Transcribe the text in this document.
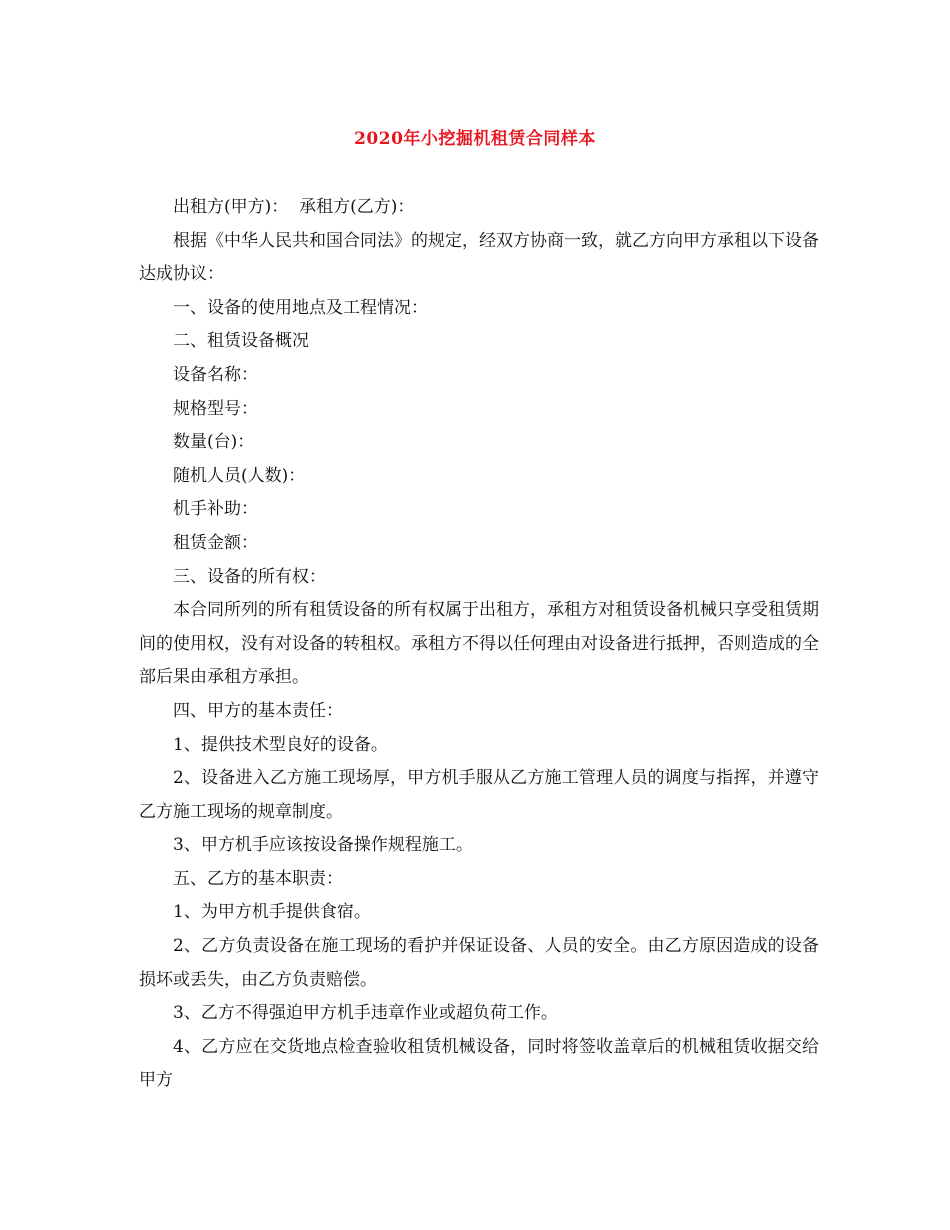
2020年小挖掘机租赁合同样本

出租方(甲方)：  承租方(乙方)：

根据《中华人民共和国合同法》的规定，经双方协商一致，就乙方向甲方承租以下设备达成协议：

一、设备的使用地点及工程情况：

二、租赁设备概况

设备名称：

规格型号：

数量(台)：

随机人员(人数)：

机手补助：

租赁金额：

三、设备的所有权：

本合同所列的所有租赁设备的所有权属于出租方，承租方对租赁设备机械只享受租赁期间的使用权，没有对设备的转租权。承租方不得以任何理由对设备进行抵押，否则造成的全部后果由承租方承担。

四、甲方的基本责任：

1、提供技术型良好的设备。

2、设备进入乙方施工现场厚，甲方机手服从乙方施工管理人员的调度与指挥，并遵守乙方施工现场的规章制度。

3、甲方机手应该按设备操作规程施工。

五、乙方的基本职责：

1、为甲方机手提供食宿。

2、乙方负责设备在施工现场的看护并保证设备、人员的安全。由乙方原因造成的设备损坏或丢失，由乙方负责赔偿。

3、乙方不得强迫甲方机手违章作业或超负荷工作。

4、乙方应在交货地点检查验收租赁机械设备，同时将签收盖章后的机械租赁收据交给甲方
